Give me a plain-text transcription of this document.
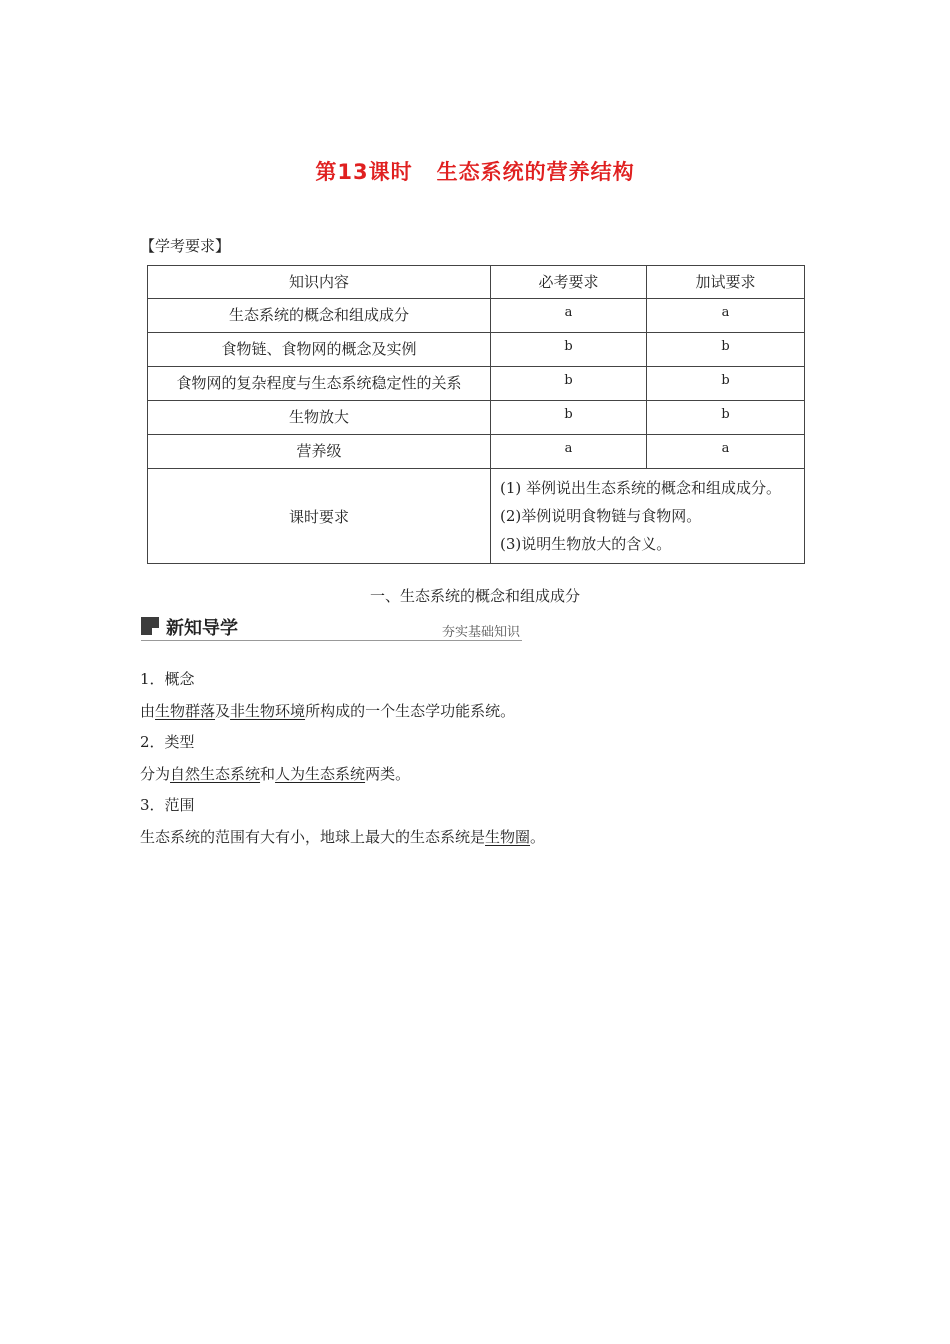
第13课时 生态系统的营养结构
【学考要求】
知识内容	必考要求	加试要求
生态系统的概念和组成成分	a	a
食物链、食物网的概念及实例	b	b
食物网的复杂程度与生态系统稳定性的关系	b	b
生物放大	b	b
营养级	a	a
课时要求	(1) 举例说出生态系统的概念和组成成分。(2)举例说明食物链与食物网。
(3)说明生物放大的含义。	
一、生态系统的概念和组成成分
新知导学	夯实基础知识
1．概念
由生物群落及非生物环境所构成的一个生态学功能系统。
2．类型
分为自然生态系统和人为生态系统两类。
3．范围
生态系统的范围有大有小，地球上最大的生态系统是生物圈。
